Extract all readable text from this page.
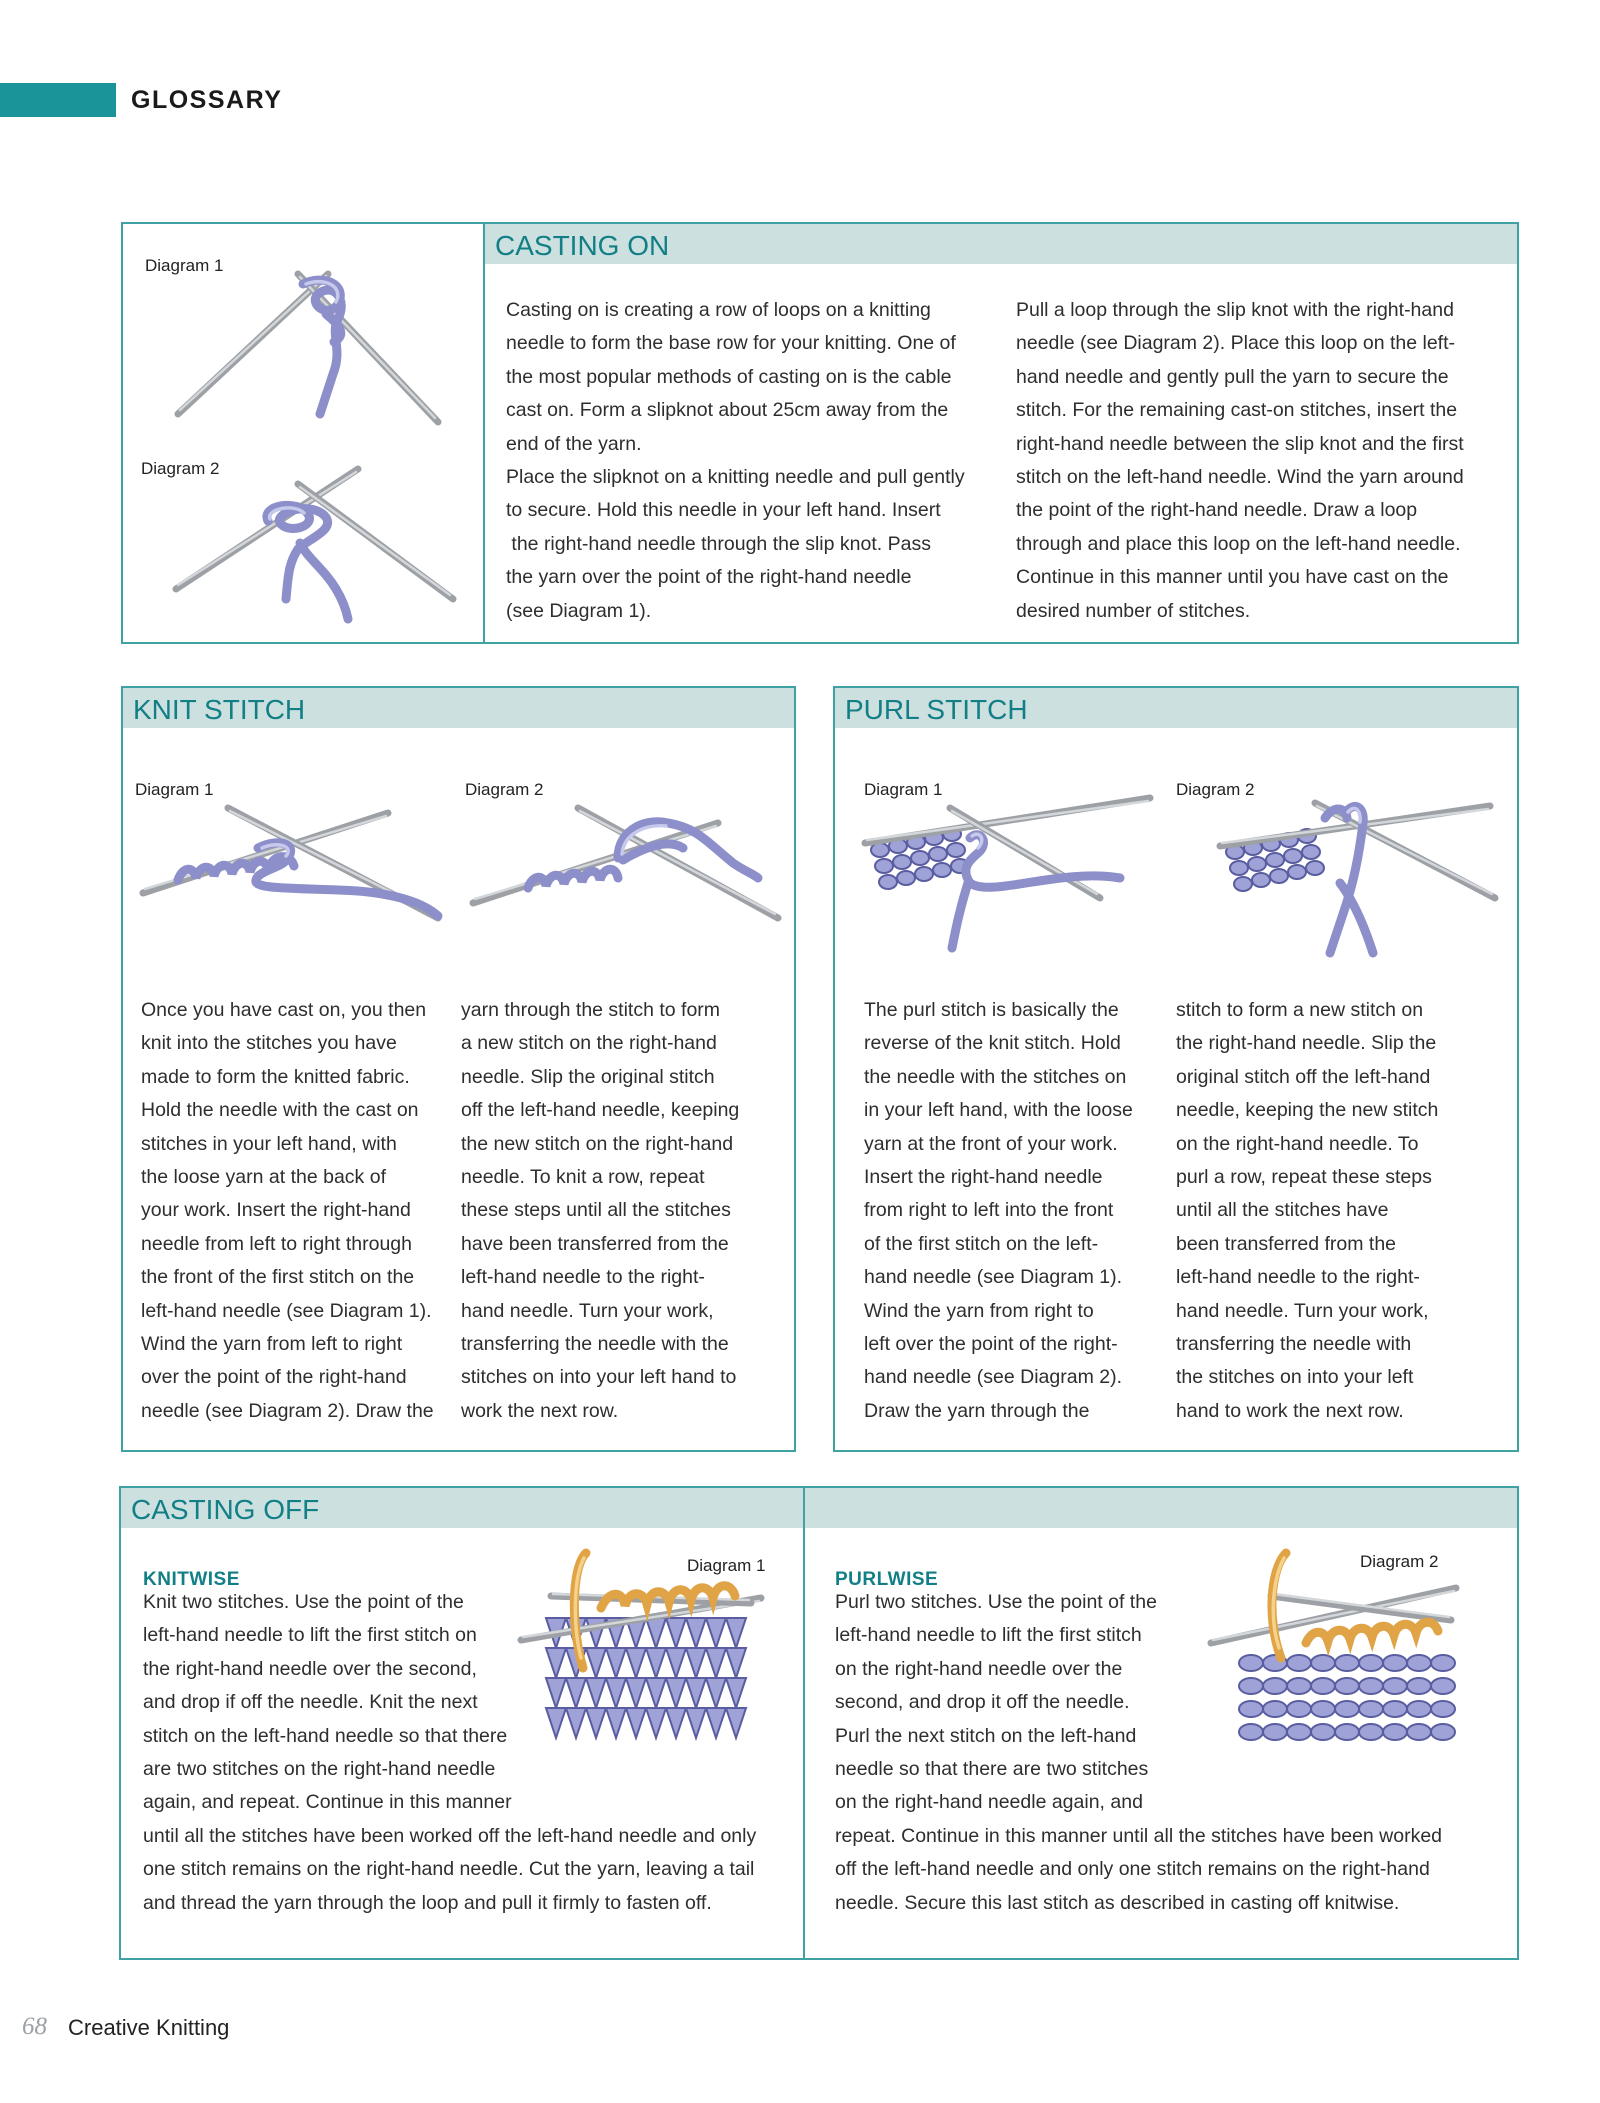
GLOSSARY
CASTING ON
Diagram 1
Diagram 2
Casting on is creating a row of loops on a knitting
needle to form the base row for your knitting. One of
the most popular methods of casting on is the cable
cast on. Form a slipknot about 25cm away from the
end of the yarn.
Place the slipknot on a knitting needle and pull gently
to secure. Hold this needle in your left hand. Insert
the right-hand needle through the slip knot. Pass
the yarn over the point of the right-hand needle
(see Diagram 1).
Pull a loop through the slip knot with the right-hand
needle (see Diagram 2). Place this loop on the left-
hand needle and gently pull the yarn to secure the
stitch. For the remaining cast-on stitches, insert the
right-hand needle between the slip knot and the first
stitch on the left-hand needle. Wind the yarn around
the point of the right-hand needle. Draw a loop
through and place this loop on the left-hand needle.
Continue in this manner until you have cast on the
desired number of stitches.
KNIT STITCH
Diagram 1	Diagram 2
Once you have cast on, you then
knit into the stitches you have
made to form the knitted fabric.
Hold the needle with the cast on
stitches in your left hand, with
the loose yarn at the back of
your work. Insert the right-hand
needle from left to right through
the front of the first stitch on the
left-hand needle (see Diagram 1).
Wind the yarn from left to right
over the point of the right-hand
needle (see Diagram 2). Draw the
yarn through the stitch to form
a new stitch on the right-hand
needle. Slip the original stitch
off the left-hand needle, keeping
the new stitch on the right-hand
needle. To knit a row, repeat
these steps until all the stitches
have been transferred from the
left-hand needle to the right-
hand needle. Turn your work,
transferring the needle with the
stitches on into your left hand to
work the next row.
PURL STITCH
Diagram 1	Diagram 2
The purl stitch is basically the
reverse of the knit stitch. Hold
the needle with the stitches on
in your left hand, with the loose
yarn at the front of your work.
Insert the right-hand needle
from right to left into the front
of the first stitch on the left-
hand needle (see Diagram 1).
Wind the yarn from right to
left over the point of the right-
hand needle (see Diagram 2).
Draw the yarn through the
stitch to form a new stitch on
the right-hand needle. Slip the
original stitch off the left-hand
needle, keeping the new stitch
on the right-hand needle. To
purl a row, repeat these steps
until all the stitches have
been transferred from the
left-hand needle to the right-
hand needle. Turn your work,
transferring the needle with
the stitches on into your left
hand to work the next row.
CASTING OFF
KNITWISE
Diagram 1
Knit two stitches. Use the point of the
left-hand needle to lift the first stitch on
the right-hand needle over the second,
and drop if off the needle. Knit the next
stitch on the left-hand needle so that there
are two stitches on the right-hand needle
again, and repeat. Continue in this manner
until all the stitches have been worked off the left-hand needle and only
one stitch remains on the right-hand needle. Cut the yarn, leaving a tail
and thread the yarn through the loop and pull it firmly to fasten off.
PURLWISE
Diagram 2
Purl two stitches. Use the point of the
left-hand needle to lift the first stitch
on the right-hand needle over the
second, and drop it off the needle.
Purl the next stitch on the left-hand
needle so that there are two stitches
on the right-hand needle again, and
repeat. Continue in this manner until all the stitches have been worked
off the left-hand needle and only one stitch remains on the right-hand
needle. Secure this last stitch as described in casting off knitwise.
68 Creative Knitting
